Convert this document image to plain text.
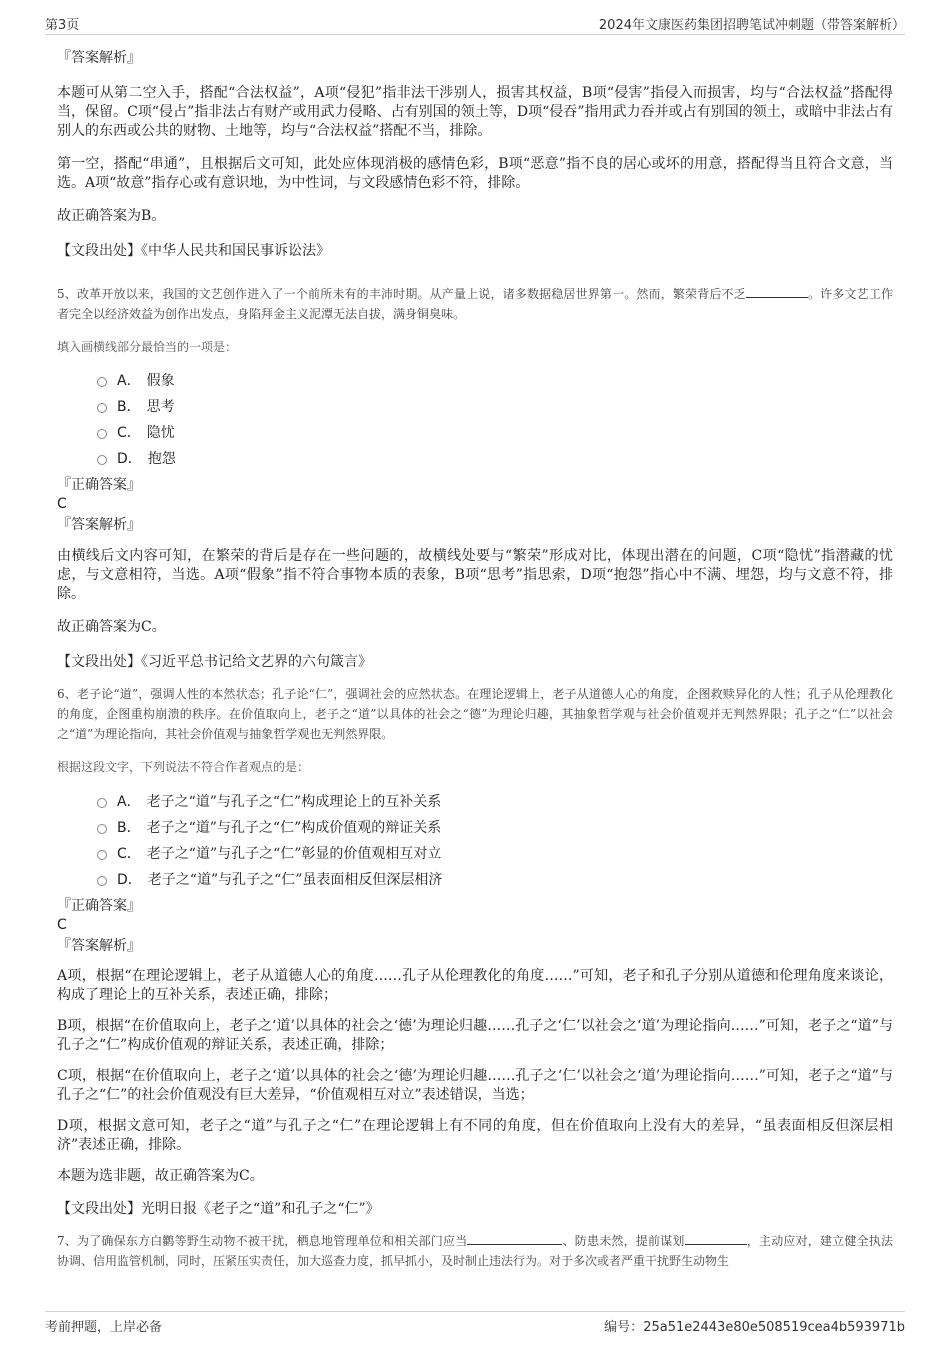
第3页	2024年文康医药集团招聘笔试冲刺题（带答案解析）
『答案解析』

本题可从第二空入手，搭配“合法权益”，A项“侵犯”指非法干涉别人，损害其权益，B项“侵害”指侵入而损害，均与“合法权益”搭配得当，保留。C项“侵占”指非法占有财产或用武力侵略、占有别国的领土等，D项“侵吞”指用武力吞并或占有别国的领土，或暗中非法占有别人的东西或公共的财物、土地等，均与“合法权益”搭配不当，排除。

第一空，搭配“串通”，且根据后文可知，此处应体现消极的感情色彩，B项“恶意”指不良的居心或坏的用意，搭配得当且符合文意，当选。A项“故意”指存心或有意识地，为中性词，与文段感情色彩不符，排除。

故正确答案为B。

【文段出处】《中华人民共和国民事诉讼法》

5、改革开放以来，我国的文艺创作进入了一个前所未有的丰沛时期。从产量上说，诸多数据稳居世界第一。然而，繁荣背后不乏	。许多文艺工作者完全以经济效益为创作出发点，身陷拜金主义泥潭无法自拔，满身铜臭味。

填入画横线部分最恰当的一项是：

A． 假象
B． 思考
C． 隐忧
D． 抱怨
『正确答案』
C
『答案解析』

由横线后文内容可知，在繁荣的背后是存在一些问题的，故横线处要与“繁荣”形成对比，体现出潜在的问题，C项“隐忧”指潜藏的忧虑，与文意相符，当选。A项“假象”指不符合事物本质的表象，B项“思考”指思索，D项“抱怨”指心中不满、埋怨，均与文意不符，排除。

故正确答案为C。

【文段出处】《习近平总书记给文艺界的六句箴言》

6、老子论“道”，强调人性的本然状态；孔子论“仁”，强调社会的应然状态。在理论逻辑上，老子从道德人心的角度，企图救赎异化的人性；孔子从伦理教化的角度，企图重构崩溃的秩序。在价值取向上，老子之“道”以具体的社会之“德”为理论归趣，其抽象哲学观与社会价值观并无判然界限；孔子之“仁”以社会之“道”为理论指向，其社会价值观与抽象哲学观也无判然界限。

根据这段文字，下列说法不符合作者观点的是：

A． 老子之“道”与孔子之“仁”构成理论上的互补关系
B． 老子之“道”与孔子之“仁”构成价值观的辩证关系
C． 老子之“道”与孔子之“仁”彰显的价值观相互对立
D． 老子之“道”与孔子之“仁”虽表面相反但深层相济
『正确答案』
C
『答案解析』

A项，根据“在理论逻辑上，老子从道德人心的角度……孔子从伦理教化的角度……”可知，老子和孔子分别从道德和伦理角度来谈论，构成了理论上的互补关系，表述正确，排除；

B项，根据“在价值取向上，老子之‘道’以具体的社会之‘德’为理论归趣……孔子之‘仁’以社会之‘道’为理论指向……”可知，老子之“道”与孔子之“仁”构成价值观的辩证关系，表述正确，排除；

C项，根据“在价值取向上，老子之‘道’以具体的社会之‘德’为理论归趣……孔子之‘仁’以社会之‘道’为理论指向……”可知，老子之“道”与孔子之“仁”的社会价值观没有巨大差异，“价值观相互对立”表述错误，当选；

D项，根据文意可知，老子之“道”与孔子之“仁”在理论逻辑上有不同的角度，但在价值取向上没有大的差异，“虽表面相反但深层相济”表述正确，排除。

本题为选非题，故正确答案为C。

【文段出处】光明日报《老子之“道”和孔子之“仁”》

7、为了确保东方白鹳等野生动物不被干扰，栖息地管理单位和相关部门应当	、防患未然，提前谋划	，主动应对，建立健全执法协调、信用监管机制，同时，压紧压实责任，加大巡查力度，抓早抓小，及时制止违法行为。对于多次或者严重干扰野生动物生

考前押题，上岸必备	编号：25a51e2443e80e508519cea4b593971b
